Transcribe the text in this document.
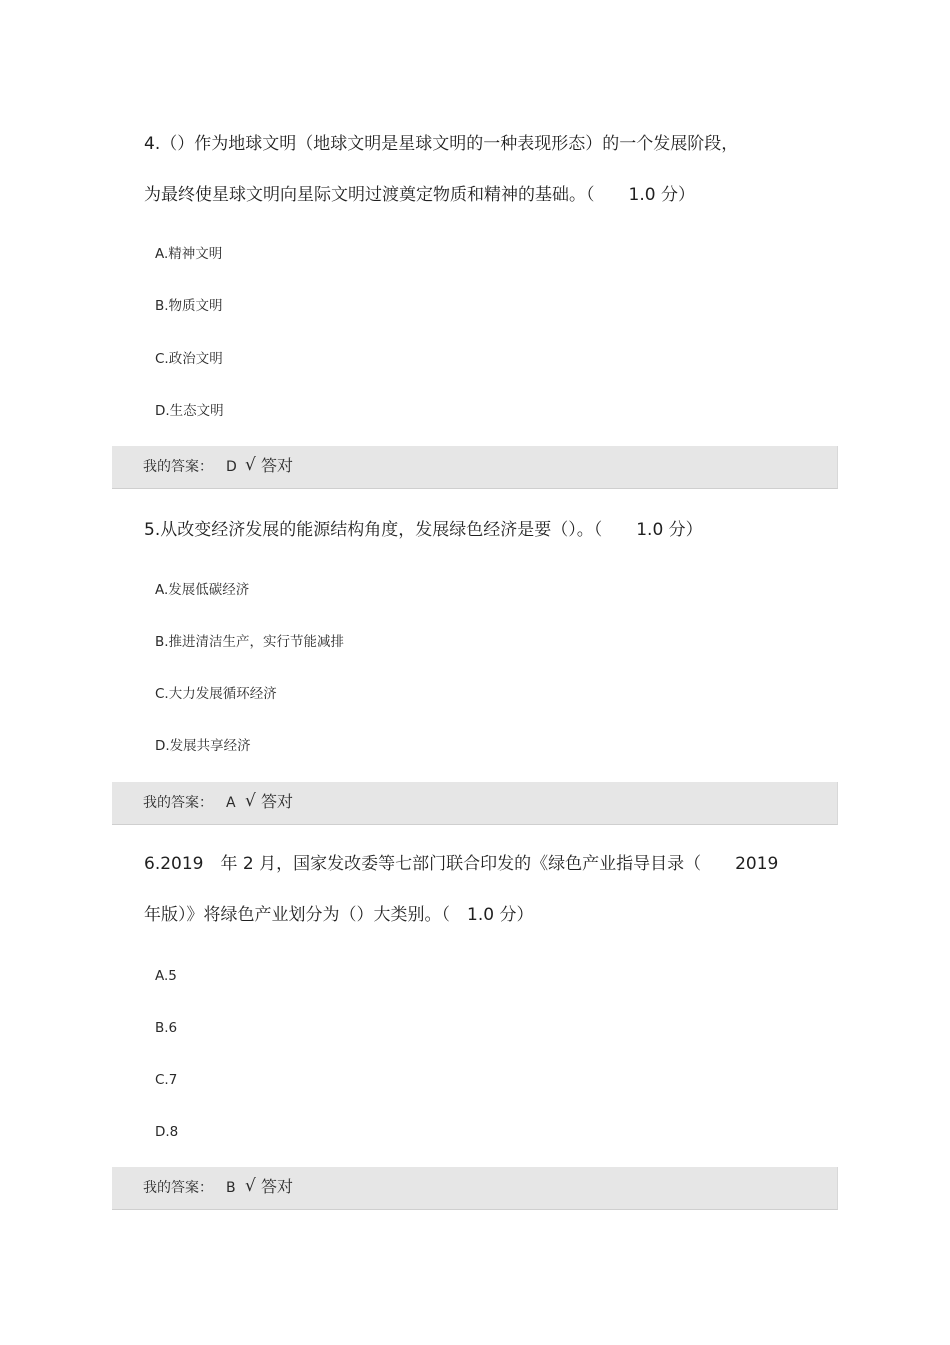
4.（）作为地球文明（地球文明是星球文明的一种表现形态）的一个发展阶段，
为最终使星球文明向星际文明过渡奠定物质和精神的基础。（　　1.0 分）
A.精神文明
B.物质文明
C.政治文明
D.生态文明
我的答案： D √ 答对
5.从改变经济发展的能源结构角度，发展绿色经济是要（）。（　　1.0 分）
A.发展低碳经济
B.推进清洁生产，实行节能减排
C.大力发展循环经济
D.发展共享经济
我的答案： A √ 答对
6.2019　年 2 月，国家发改委等七部门联合印发的《绿色产业指导目录（　　2019
年版）》将绿色产业划分为（）大类别。（　1.0 分）
A.5
B.6
C.7
D.8
我的答案： B √ 答对
